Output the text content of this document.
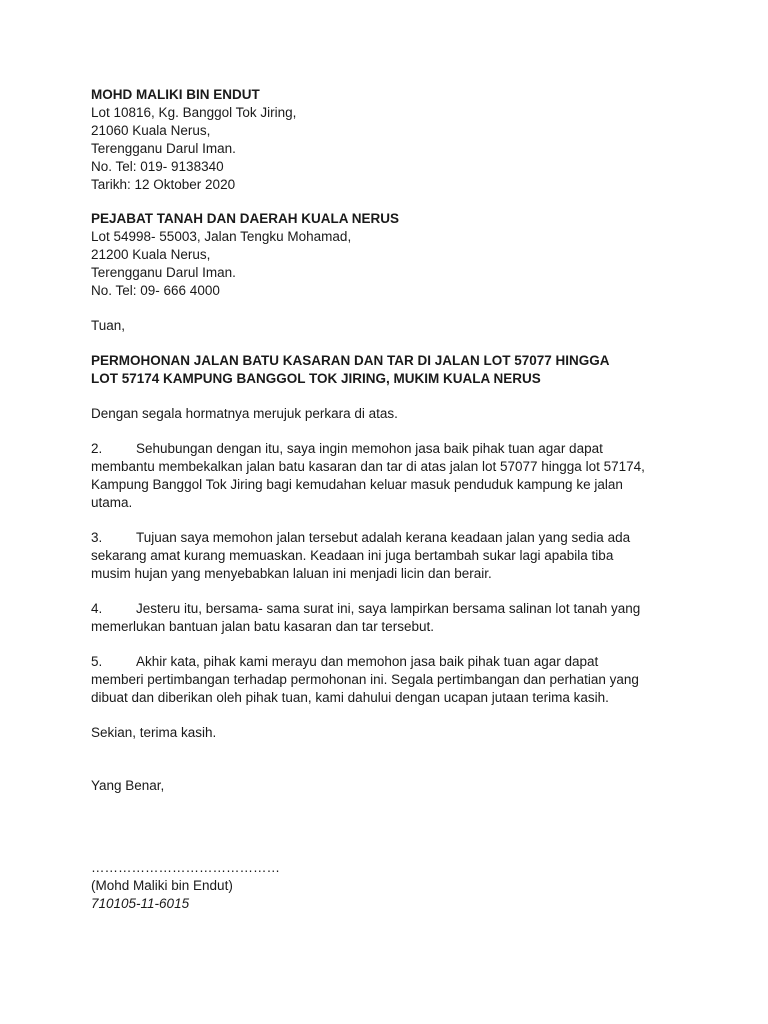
MOHD MALIKI BIN ENDUT
Lot 10816, Kg. Banggol Tok Jiring,
21060 Kuala Nerus,
Terengganu Darul Iman.
No. Tel: 019- 9138340
Tarikh: 12 Oktober 2020
PEJABAT TANAH DAN DAERAH KUALA NERUS
Lot 54998- 55003, Jalan Tengku Mohamad,
21200 Kuala Nerus,
Terengganu Darul Iman.
No. Tel: 09- 666 4000
Tuan,
PERMOHONAN JALAN BATU KASARAN DAN TAR DI JALAN LOT 57077 HINGGA
LOT 57174 KAMPUNG BANGGOL TOK JIRING, MUKIM KUALA NERUS
Dengan segala hormatnya merujuk perkara di atas.
2. Sehubungan dengan itu, saya ingin memohon jasa baik pihak tuan agar dapat
membantu membekalkan jalan batu kasaran dan tar di atas jalan lot 57077 hingga lot 57174,
Kampung Banggol Tok Jiring bagi kemudahan keluar masuk penduduk kampung ke jalan
utama.
3. Tujuan saya memohon jalan tersebut adalah kerana keadaan jalan yang sedia ada
sekarang amat kurang memuaskan. Keadaan ini juga bertambah sukar lagi apabila tiba
musim hujan yang menyebabkan laluan ini menjadi licin dan berair.
4. Jesteru itu, bersama- sama surat ini, saya lampirkan bersama salinan lot tanah yang
memerlukan bantuan jalan batu kasaran dan tar tersebut.
5. Akhir kata, pihak kami merayu dan memohon jasa baik pihak tuan agar dapat
memberi pertimbangan terhadap permohonan ini. Segala pertimbangan dan perhatian yang
dibuat dan diberikan oleh pihak tuan, kami dahului dengan ucapan jutaan terima kasih.
Sekian, terima kasih.
Yang Benar,
……………………………………
(Mohd Maliki bin Endut)
710105-11-6015
